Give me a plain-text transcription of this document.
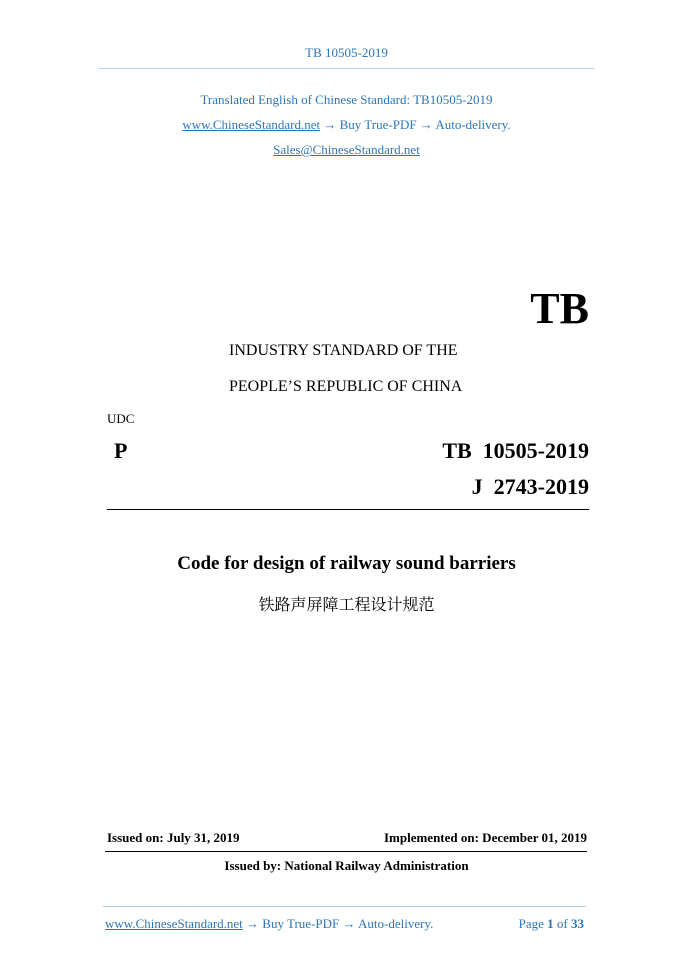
TB 10505-2019
Translated English of Chinese Standard: TB10505-2019
www.ChineseStandard.net → Buy True-PDF → Auto-delivery.
Sales@ChineseStandard.net
TB
INDUSTRY STANDARD OF THE
PEOPLE’S REPUBLIC OF CHINA
UDC
P	TB  10505-2019
J  2743-2019
Code for design of railway sound barriers
铁路声屏障工程设计规范
Issued on: July 31, 2019	Implemented on: December 01, 2019
Issued by: National Railway Administration
www.ChineseStandard.net → Buy True-PDF → Auto-delivery.	Page 1 of 33
